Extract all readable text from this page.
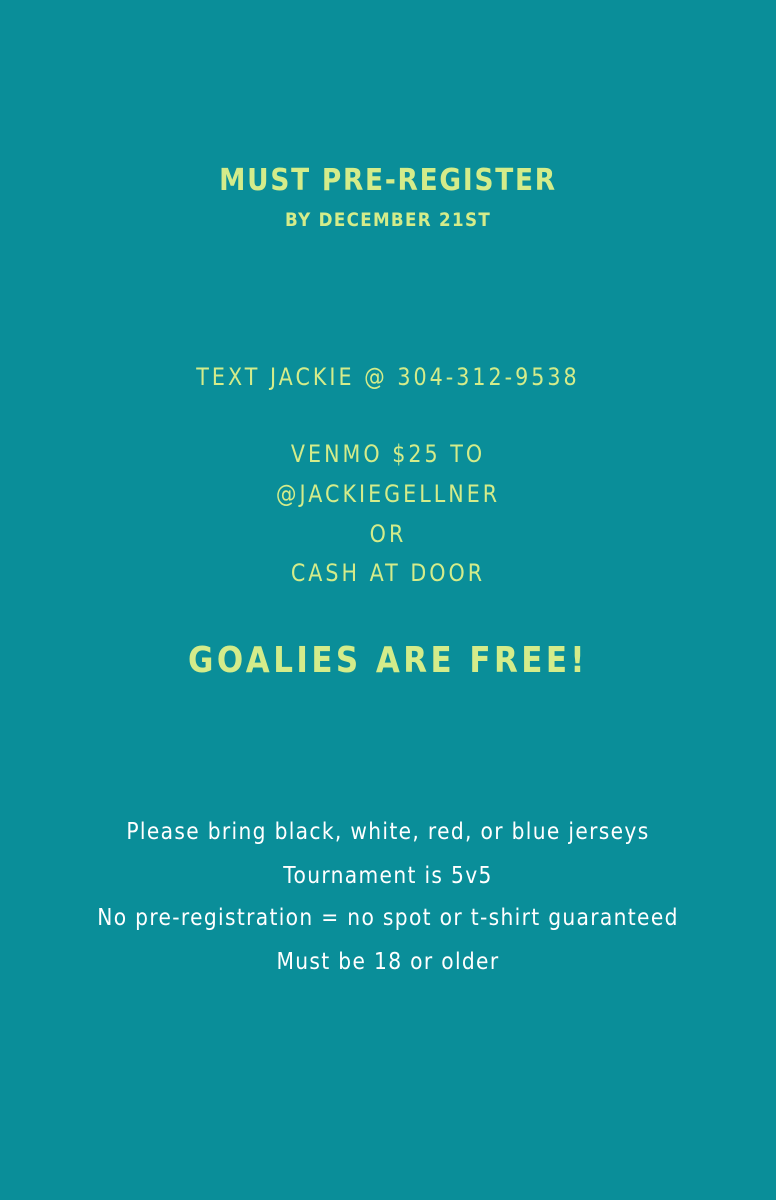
MUST PRE-REGISTER
BY DECEMBER 21ST
TEXT JACKIE @ 304-312-9538
VENMO $25 TO
@JACKIEGELLNER
OR
CASH AT DOOR
GOALIES ARE FREE!
Please bring black, white, red, or blue jerseys
Tournament is 5v5
No pre-registration = no spot or t-shirt guaranteed
Must be 18 or older
